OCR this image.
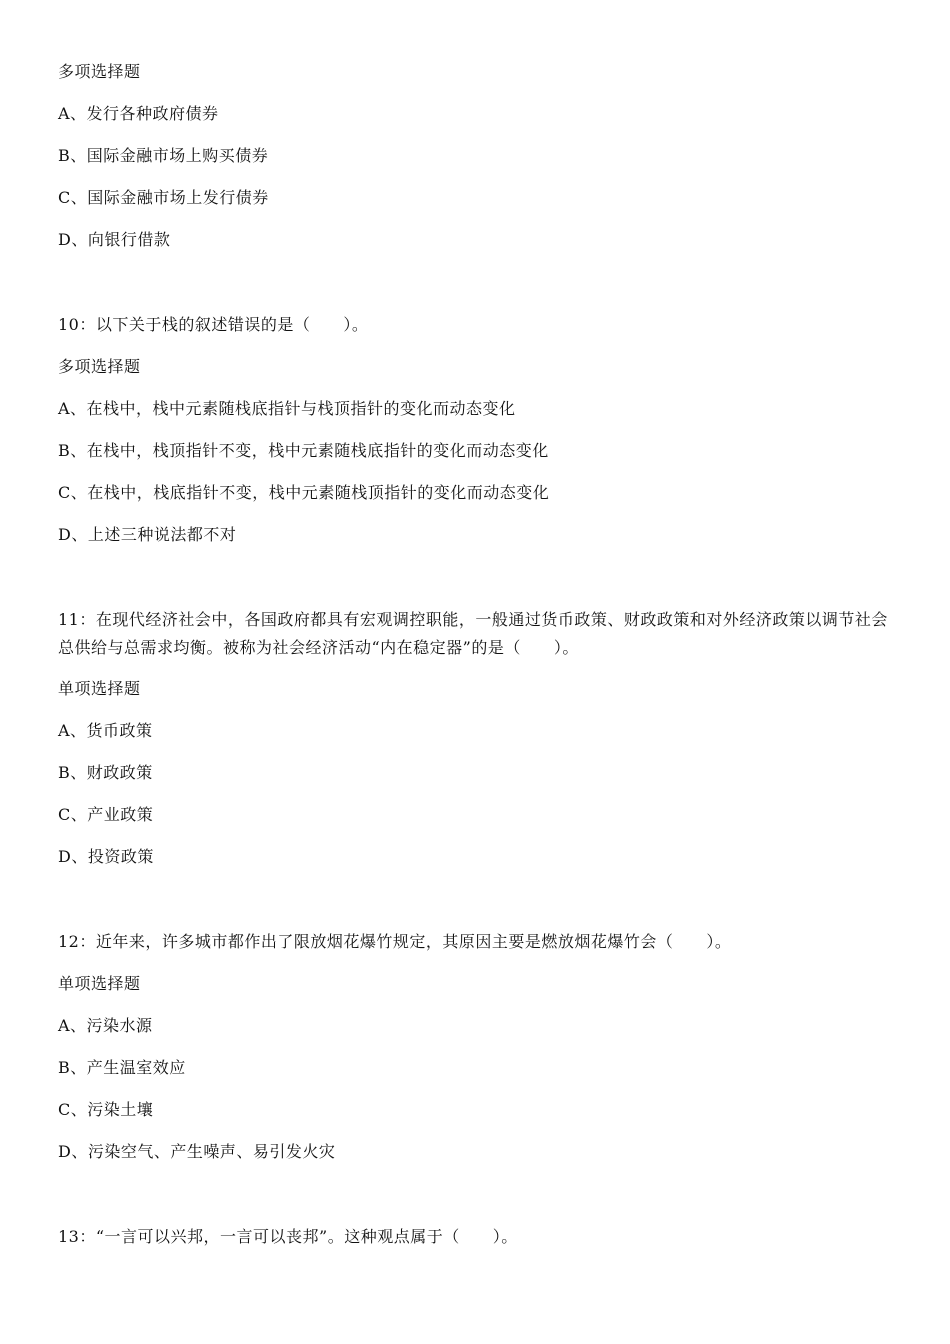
多项选择题
A、发行各种政府债券
B、国际金融市场上购买债券
C、国际金融市场上发行债券
D、向银行借款
10：以下关于栈的叙述错误的是（　　）。
多项选择题
A、在栈中，栈中元素随栈底指针与栈顶指针的变化而动态变化
B、在栈中，栈顶指针不变，栈中元素随栈底指针的变化而动态变化
C、在栈中，栈底指针不变，栈中元素随栈顶指针的变化而动态变化
D、上述三种说法都不对
11：在现代经济社会中，各国政府都具有宏观调控职能，一般通过货币政策、财政政策和对外经济政策以调节社会总供给与总需求均衡。被称为社会经济活动“内在稳定器”的是（　　）。
单项选择题
A、货币政策
B、财政政策
C、产业政策
D、投资政策
12：近年来，许多城市都作出了限放烟花爆竹规定，其原因主要是燃放烟花爆竹会（　　）。
单项选择题
A、污染水源
B、产生温室效应
C、污染土壤
D、污染空气、产生噪声、易引发火灾
13：“一言可以兴邦，一言可以丧邦”。这种观点属于（　　）。
